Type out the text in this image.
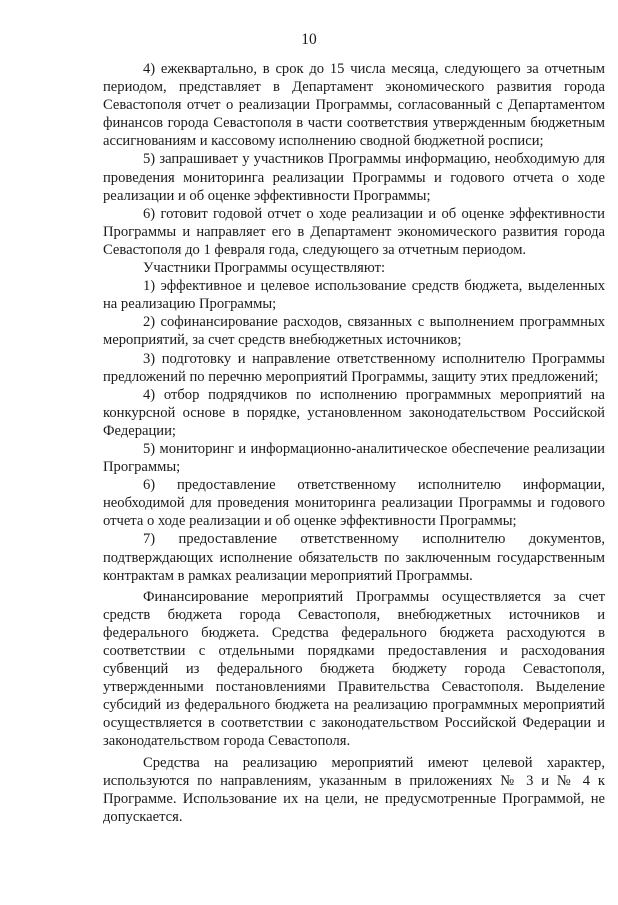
10

4) ежеквартально, в срок до 15 числа месяца, следующего за отчетным периодом, представляет в Департамент экономического развития города Севастополя отчет о реализации Программы, согласованный с Департаментом финансов города Севастополя в части соответствия утвержденным бюджетным ассигнованиям и кассовому исполнению сводной бюджетной росписи;

5) запрашивает у участников Программы информацию, необходимую для проведения мониторинга реализации Программы и годового отчета о ходе реализации и об оценке эффективности Программы;

6) готовит годовой отчет о ходе реализации и об оценке эффективности Программы и направляет его в Департамент экономического развития города Севастополя до 1 февраля года, следующего за отчетным периодом.

Участники Программы осуществляют:

1) эффективное и целевое использование средств бюджета, выделенных на реализацию Программы;

2) софинансирование расходов, связанных с выполнением программных мероприятий, за счет средств внебюджетных источников;

3) подготовку и направление ответственному исполнителю Программы предложений по перечню мероприятий Программы, защиту этих предложений;

4) отбор подрядчиков по исполнению программных мероприятий на конкурсной основе в порядке, установленном законодательством Российской Федерации;

5) мониторинг и информационно-аналитическое обеспечение реализации Программы;

6) предоставление ответственному исполнителю информации, необходимой для проведения мониторинга реализации Программы и годового отчета о ходе реализации и об оценке эффективности Программы;

7) предоставление ответственному исполнителю документов, подтверждающих исполнение обязательств по заключенным государственным контрактам в рамках реализации мероприятий Программы.

Финансирование мероприятий Программы осуществляется за счет средств бюджета города Севастополя, внебюджетных источников и федерального бюджета. Средства федерального бюджета расходуются в соответствии с отдельными порядками предоставления и расходования субвенций из федерального бюджета бюджету города Севастополя, утвержденными постановлениями Правительства Севастополя. Выделение субсидий из федерального бюджета на реализацию программных мероприятий осуществляется в соответствии с законодательством Российской Федерации и законодательством города Севастополя.

Средства на реализацию мероприятий имеют целевой характер, используются по направлениям, указанным в приложениях № 3 и № 4 к Программе. Использование их на цели, не предусмотренные Программой, не допускается.
